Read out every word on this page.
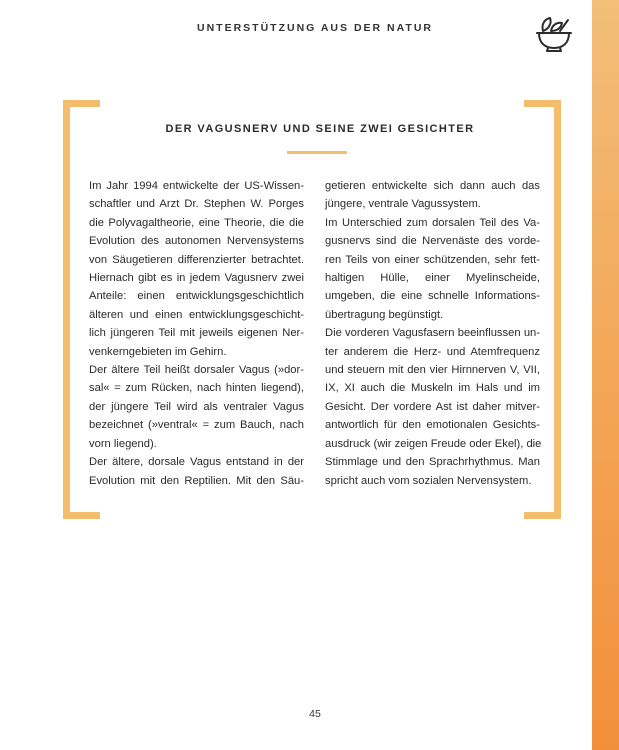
UNTERSTÜTZUNG AUS DER NATUR
DER VAGUSNERV UND SEINE ZWEI GESICHTER
Im Jahr 1994 entwickelte der US-Wissen-
schaftler und Arzt Dr. Stephen W. Porges
die Polyvagaltheorie, eine Theorie, die die
Evolution des autonomen Nervensystems
von Säugetieren differenzierter betrachtet.
Hiernach gibt es in jedem Vagusnerv zwei
Anteile: einen entwicklungsgeschichtlich
älteren und einen entwicklungsgeschicht-
lich jüngeren Teil mit jeweils eigenen Ner-
venkerngebieten im Gehirn.
Der ältere Teil heißt dorsaler Vagus (»dor-
sal« = zum Rücken, nach hinten liegend),
der jüngere Teil wird als ventraler Vagus
bezeichnet (»ventral« = zum Bauch, nach
vorn liegend).
Der ältere, dorsale Vagus entstand in der
Evolution mit den Reptilien. Mit den Säu-
getieren entwickelte sich dann auch das
jüngere, ventrale Vagussystem.
Im Unterschied zum dorsalen Teil des Va-
gusnervs sind die Nervenäste des vorde-
ren Teils von einer schützenden, sehr fett-
haltigen Hülle, einer Myelinscheide,
umgeben, die eine schnelle Informations-
übertragung begünstigt.
Die vorderen Vagusfasern beeinflussen un-
ter anderem die Herz- und Atemfrequenz
und steuern mit den vier Hirnnerven V, VII,
IX, XI auch die Muskeln im Hals und im
Gesicht. Der vordere Ast ist daher mitver-
antwortlich für den emotionalen Gesichts-
ausdruck (wir zeigen Freude oder Ekel), die
Stimmlage und den Sprachrhythmus. Man
spricht auch vom sozialen Nervensystem.
45
